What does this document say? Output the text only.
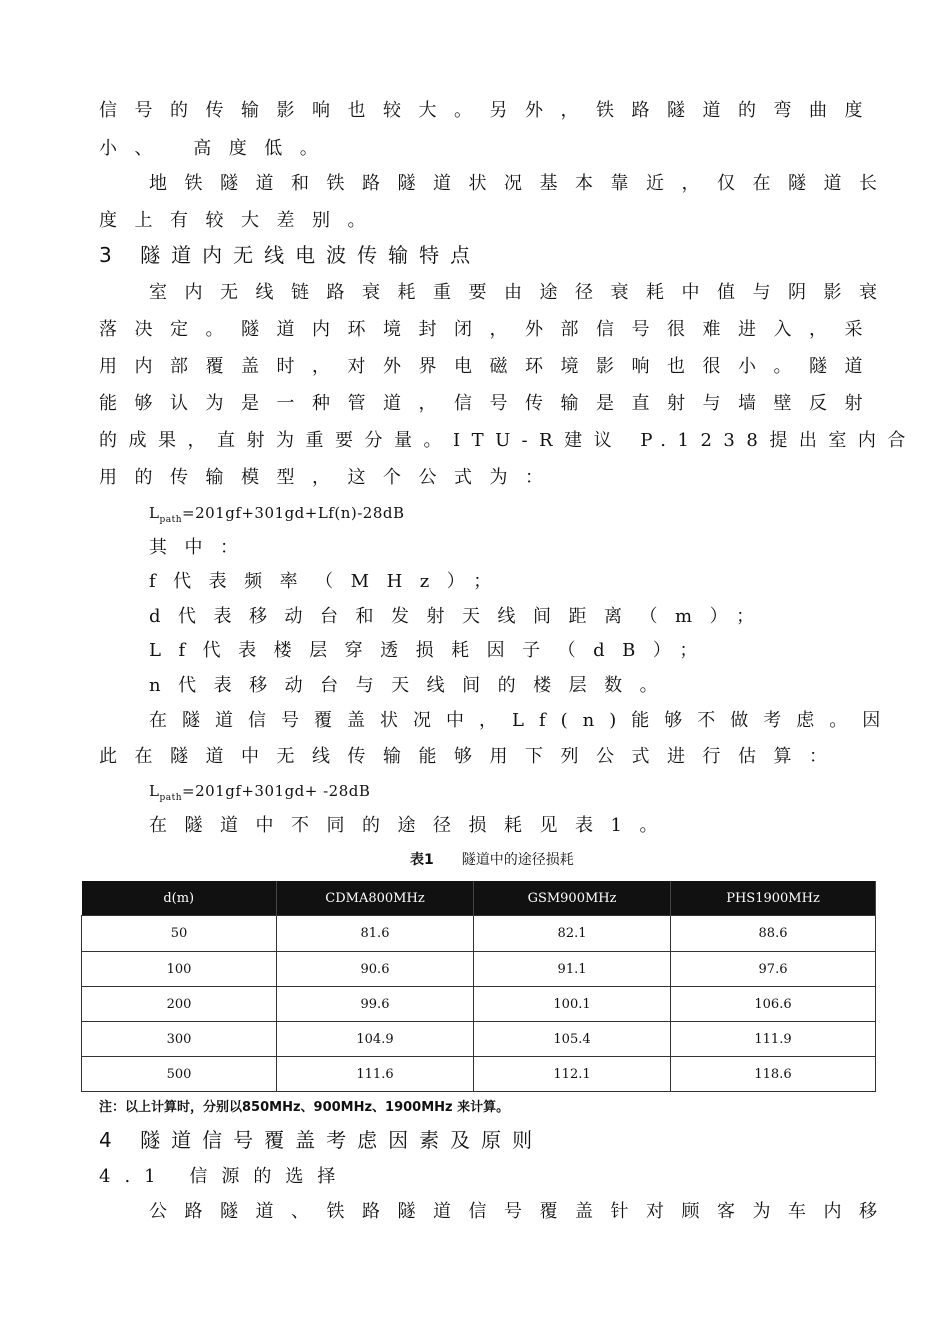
信号的传输影响也较大。另外，铁路隧道的弯曲度
小、 高度低。
地铁隧道和铁路隧道状况基本靠近，仅在隧道长
度上有较大差别。
3 隧道内无线电波传输特点
室内无线链路衰耗重要由途径衰耗中值与阴影衰
落决定。隧道内环境封闭，外部信号很难进入，采
用内部覆盖时，对外界电磁环境影响也很小。隧道
能够认为是一种管道，信号传输是直射与墙壁反射
的成果，直射为重要分量。ITU-R建议 P.1238提出室内合
用的传输模型，这个公式为：
$L_{path}=201gf+301gd+Lf(n)-28dB$
其中：
f代表频率（MHz）；
d代表移动台和发射天线间距离（m）；
Lf代表楼层穿透损耗因子（dB）；
n代表移动台与天线间的楼层数。
在隧道信号覆盖状况中，Lf(n)能够不做考虑。因
此在隧道中无线传输能够用下列公式进行估算：
$L_{path}=201gf+301gd+ -28dB$
在隧道中不同的途径损耗见表1。
表1 隧道中的途径损耗
d(m)	CDMA800MHz	GSM900MHz	PHS1900MHz
50	81.6	82.1	88.6
100	90.6	91.1	97.6
200	99.6	100.1	106.6
300	104.9	105.4	111.9
500	111.6	112.1	118.6
注：以上计算时，分别以850MHz、900MHz、1900MHz 来计算。
4 隧道信号覆盖考虑因素及原则
4.1 信源的选择
公路隧道、铁路隧道信号覆盖针对顾客为车内移
